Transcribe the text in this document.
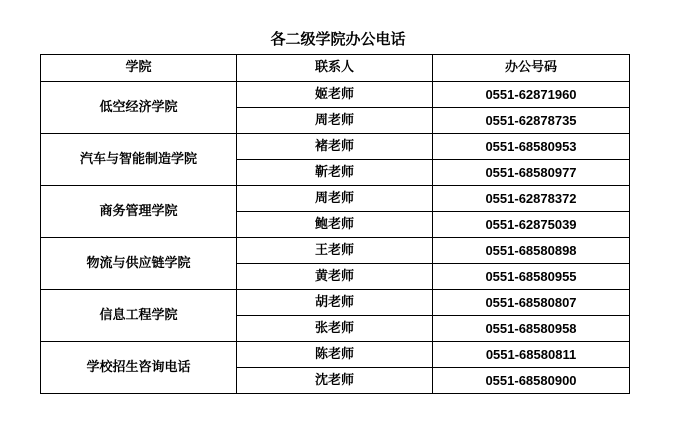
各二级学院办公电话
学院	联系人	办公号码
低空经济学院	姬老师	0551-62871960
	周老师	0551-62878735
汽车与智能制造学院	褚老师	0551-68580953
	靳老师	0551-68580977
商务管理学院	周老师	0551-62878372
	鲍老师	0551-62875039
物流与供应链学院	王老师	0551-68580898
	黄老师	0551-68580955
信息工程学院	胡老师	0551-68580807
	张老师	0551-68580958
学校招生咨询电话	陈老师	0551-68580811
	沈老师	0551-68580900
